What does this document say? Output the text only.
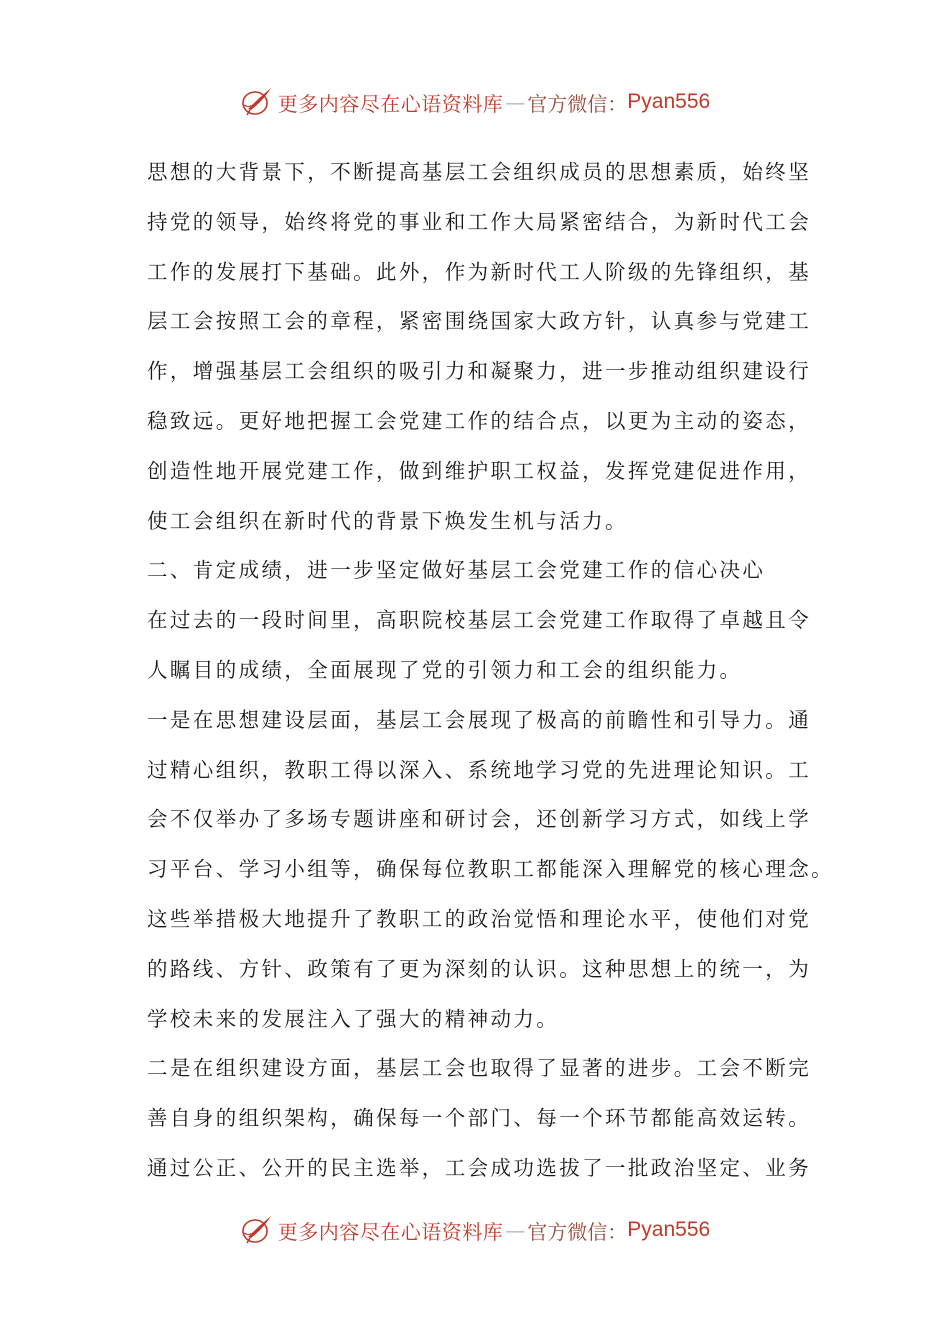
更多内容尽在心语资料库 — 官方微信： Pyan556
思想的大背景下，不断提高基层工会组织成员的思想素质，始终坚
持党的领导，始终将党的事业和工作大局紧密结合，为新时代工会
工作的发展打下基础。此外，作为新时代工人阶级的先锋组织，基
层工会按照工会的章程，紧密围绕国家大政方针，认真参与党建工
作，增强基层工会组织的吸引力和凝聚力，进一步推动组织建设行
稳致远。更好地把握工会党建工作的结合点，以更为主动的姿态，
创造性地开展党建工作，做到维护职工权益，发挥党建促进作用，
使工会组织在新时代的背景下焕发生机与活力。
二、肯定成绩，进一步坚定做好基层工会党建工作的信心决心
在过去的一段时间里，高职院校基层工会党建工作取得了卓越且令
人瞩目的成绩，全面展现了党的引领力和工会的组织能力。
一是在思想建设层面，基层工会展现了极高的前瞻性和引导力。通
过精心组织，教职工得以深入、系统地学习党的先进理论知识。工
会不仅举办了多场专题讲座和研讨会，还创新学习方式，如线上学
习平台、学习小组等，确保每位教职工都能深入理解党的核心理念。
这些举措极大地提升了教职工的政治觉悟和理论水平，使他们对党
的路线、方针、政策有了更为深刻的认识。这种思想上的统一，为
学校未来的发展注入了强大的精神动力。
二是在组织建设方面，基层工会也取得了显著的进步。工会不断完
善自身的组织架构，确保每一个部门、每一个环节都能高效运转。
通过公正、公开的民主选举，工会成功选拔了一批政治坚定、业务
更多内容尽在心语资料库 — 官方微信： Pyan556
